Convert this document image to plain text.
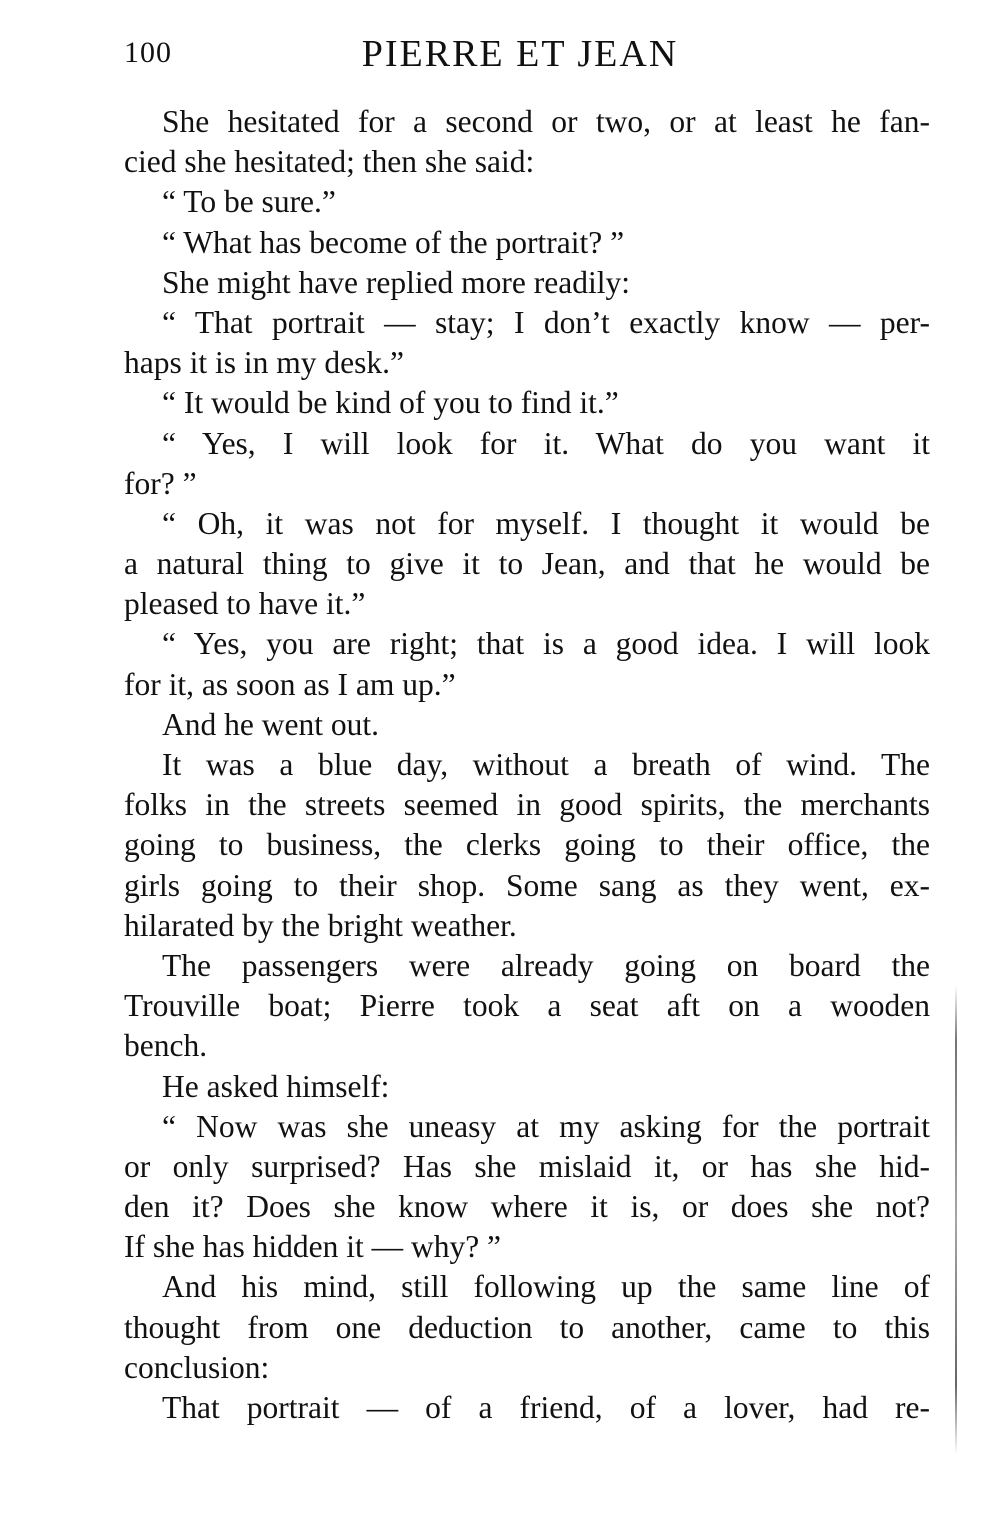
100	PIERRE ET JEAN
She hesitated for a second or two, or at least he fan-
cied she hesitated; then she said:
“ To be sure.”
“ What has become of the portrait? ”
She might have replied more readily:
“ That portrait — stay; I don’t exactly know — per-
haps it is in my desk.”
“ It would be kind of you to find it.”
“ Yes, I will look for it. What do you want it
for? ”
“ Oh, it was not for myself. I thought it would be
a natural thing to give it to Jean, and that he would be
pleased to have it.”
“ Yes, you are right; that is a good idea. I will look
for it, as soon as I am up.”
And he went out.
It was a blue day, without a breath of wind. The
folks in the streets seemed in good spirits, the merchants
going to business, the clerks going to their office, the
girls going to their shop. Some sang as they went, ex-
hilarated by the bright weather.
The passengers were already going on board the
Trouville boat; Pierre took a seat aft on a wooden
bench.
He asked himself:
“ Now was she uneasy at my asking for the portrait
or only surprised? Has she mislaid it, or has she hid-
den it? Does she know where it is, or does she not?
If she has hidden it — why? ”
And his mind, still following up the same line of
thought from one deduction to another, came to this
conclusion:
That portrait — of a friend, of a lover, had re-
